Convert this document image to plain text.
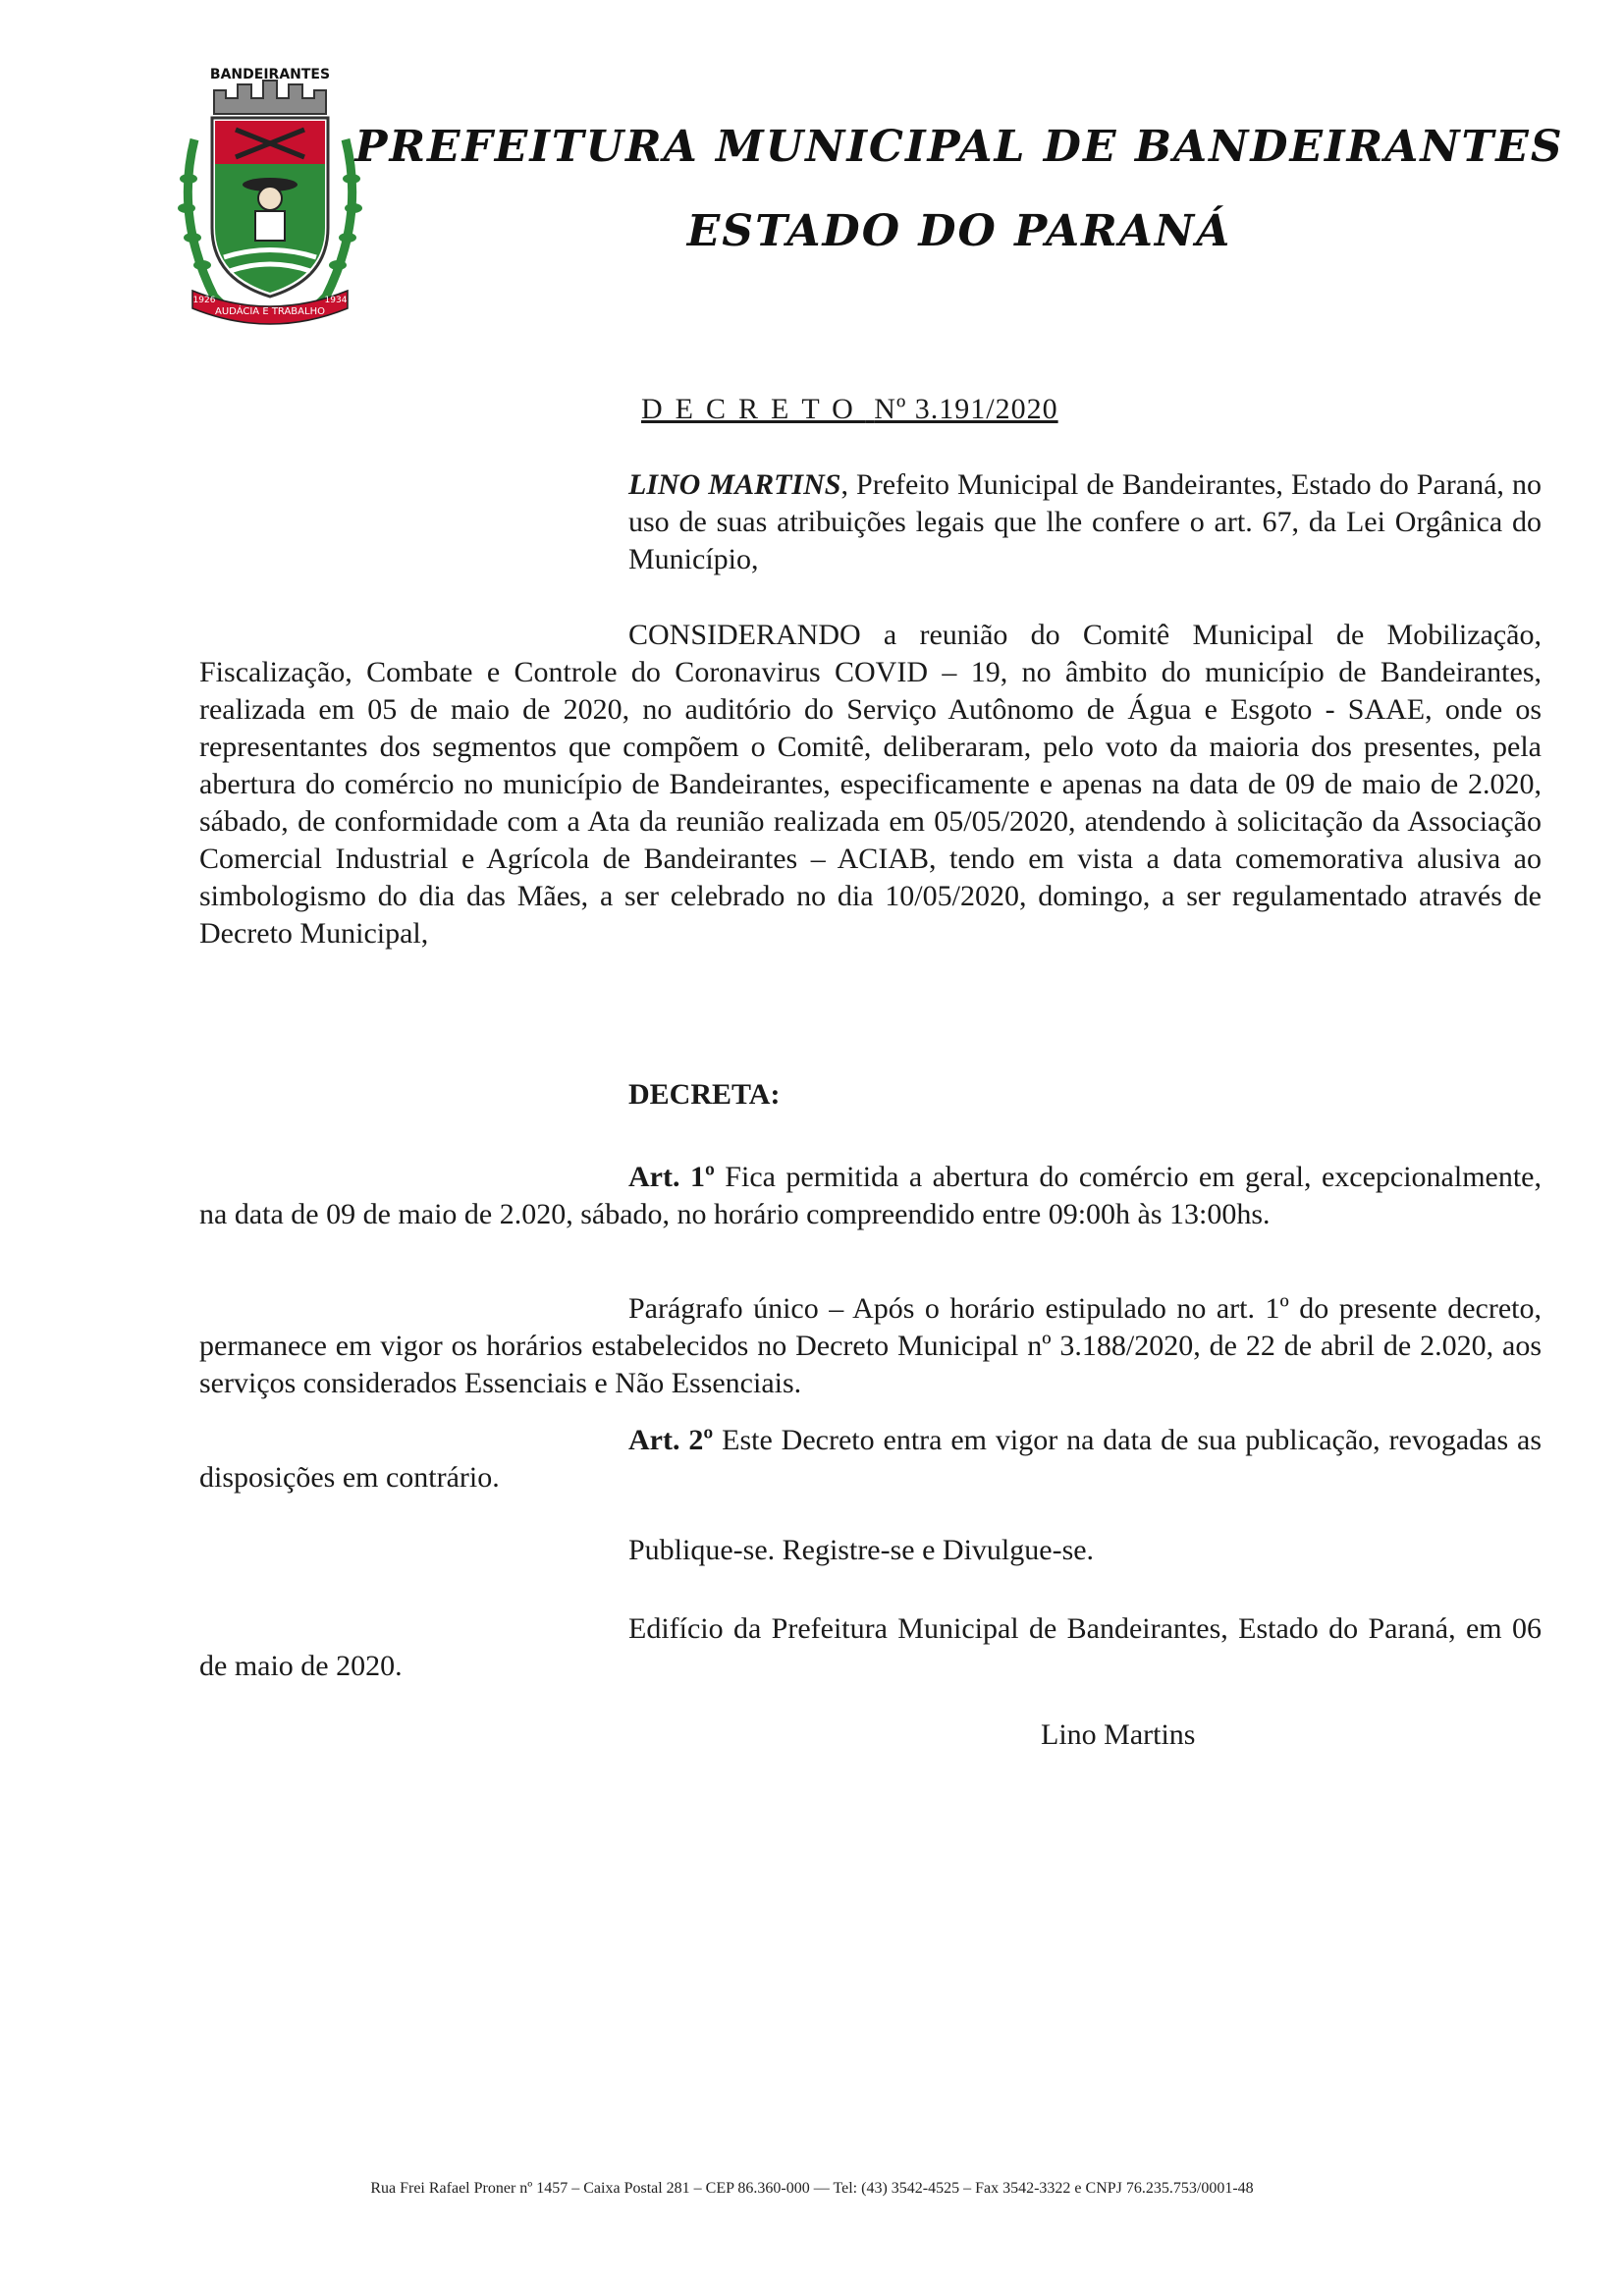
BANDEIRANTES
AUDÁCIA E TRABALHO
1926	1934
PREFEITURA MUNICIPAL DE BANDEIRANTES
ESTADO DO PARANÁ
DECRETO Nº 3.191/2020
LINO MARTINS, Prefeito Municipal de Bandeirantes, Estado do Paraná, no uso de suas atribuições legais que lhe confere o art. 67, da Lei Orgânica do Município,
CONSIDERANDO a reunião do Comitê Municipal de Mobilização, Fiscalização, Combate e Controle do Coronavirus COVID – 19, no âmbito do município de Bandeirantes, realizada em 05 de maio de 2020, no auditório do Serviço Autônomo de Água e Esgoto - SAAE, onde os representantes dos segmentos que compõem o Comitê, deliberaram, pelo voto da maioria dos presentes, pela abertura do comércio no município de Bandeirantes, especificamente e apenas na data de 09 de maio de 2.020, sábado, de conformidade com a Ata da reunião realizada em 05/05/2020, atendendo à solicitação da Associação Comercial Industrial e Agrícola de Bandeirantes – ACIAB, tendo em vista a data comemorativa alusiva ao simbologismo do dia das Mães, a ser celebrado no dia 10/05/2020, domingo, a ser regulamentado através de Decreto Municipal,
DECRETA:
Art. 1º Fica permitida a abertura do comércio em geral, excepcionalmente, na data de 09 de maio de 2.020, sábado, no horário compreendido entre 09:00h às 13:00hs.
Parágrafo único – Após o horário estipulado no art. 1º do presente decreto, permanece em vigor os horários estabelecidos no Decreto Municipal nº 3.188/2020, de 22 de abril de 2.020, aos serviços considerados Essenciais e Não Essenciais.
Art. 2º Este Decreto entra em vigor na data de sua publicação, revogadas as disposições em contrário.
Publique-se. Registre-se e Divulgue-se.
Edifício da Prefeitura Municipal de Bandeirantes, Estado do Paraná, em 06 de maio de 2020.
Lino Martins
Rua Frei Rafael Proner nº 1457 – Caixa Postal 281 – CEP 86.360-000 — Tel: (43) 3542-4525 – Fax 3542-3322 e CNPJ 76.235.753/0001-48
